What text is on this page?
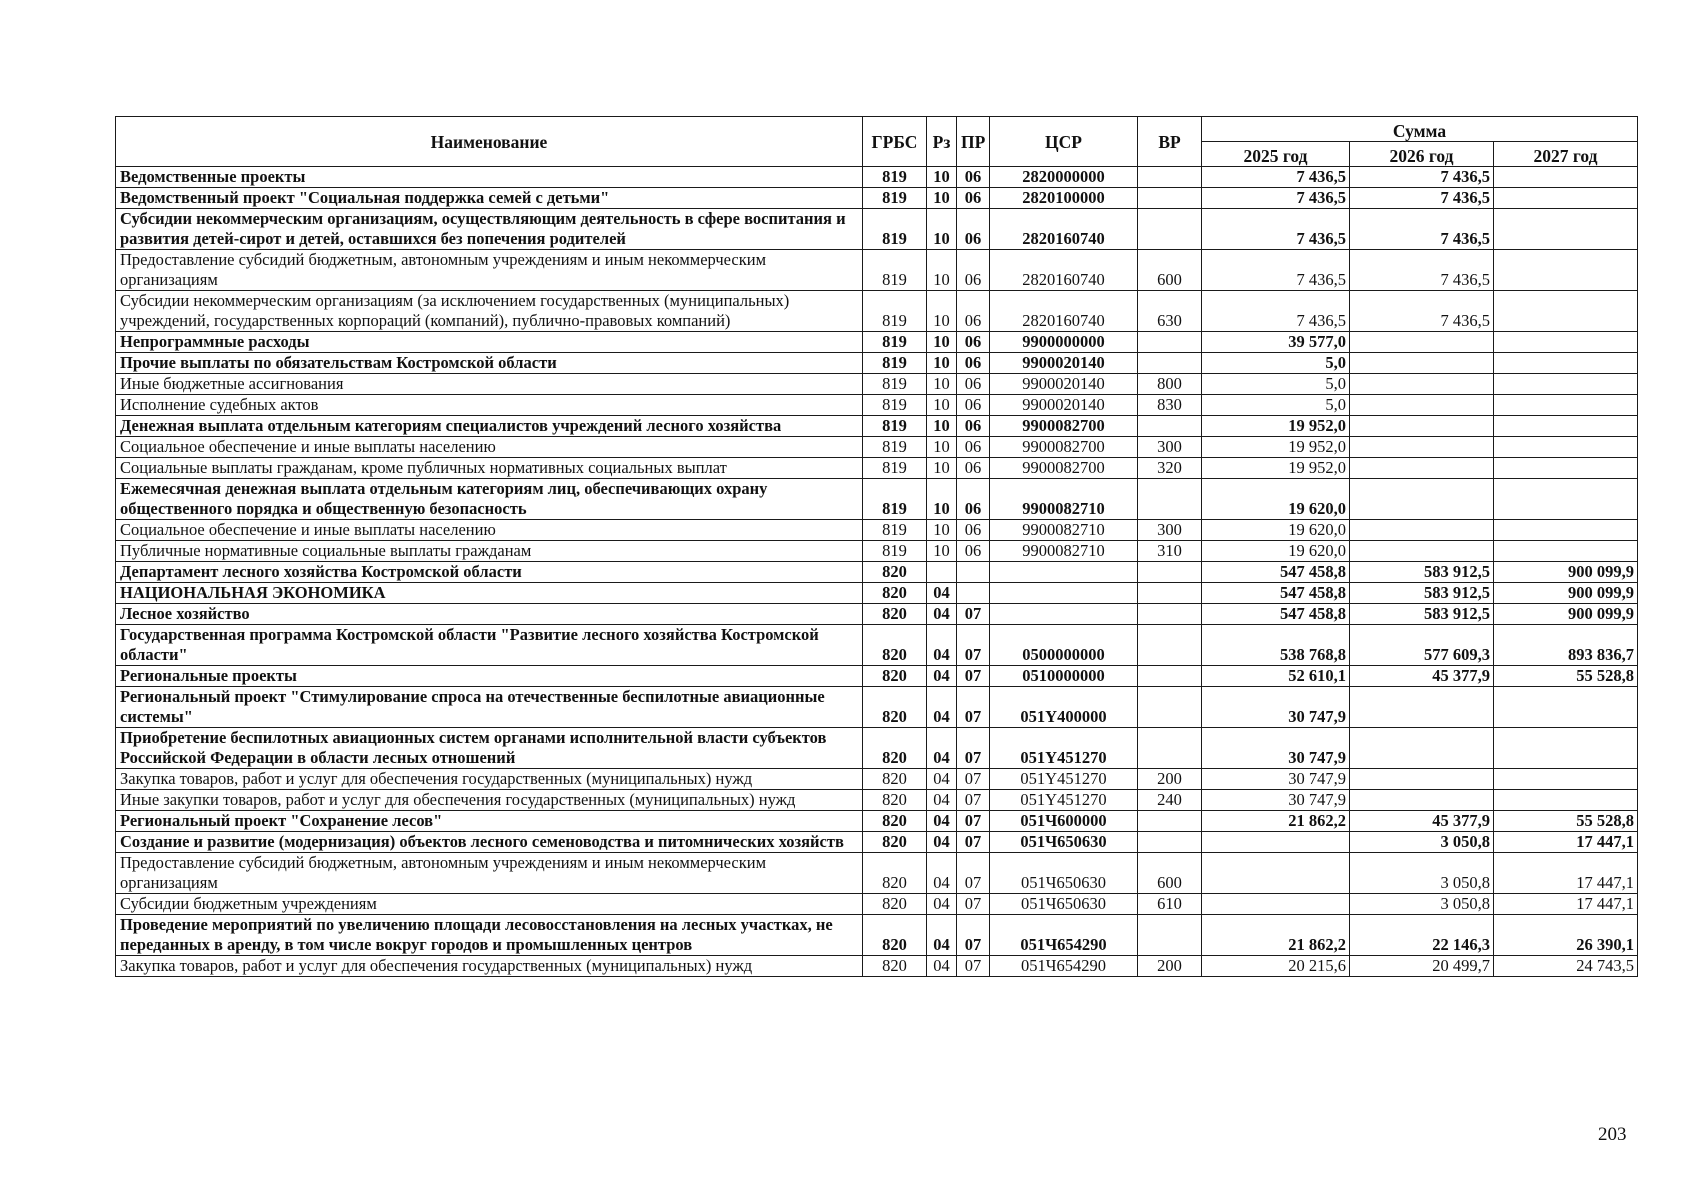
Наименование	ГРБС	Рз	ПР	ЦСР	ВР	Сумма		
						2025 год	2026 год	2027 год
Ведомственные проекты	819	10	06	2820000000		7 436,5	7 436,5	
Ведомственный проект "Социальная поддержка семей с детьми"	819	10	06	2820100000		7 436,5	7 436,5	
Субсидии некоммерческим организациям, осуществляющим деятельность в сфере воспитания и развития детей-сирот и детей, оставшихся без попечения родителей	819	10	06	2820160740		7 436,5	7 436,5	
Предоставление субсидий бюджетным, автономным учреждениям и иным некоммерческим организациям	819	10	06	2820160740	600	7 436,5	7 436,5	
Субсидии некоммерческим организациям (за исключением государственных (муниципальных) учреждений, государственных корпораций (компаний), публично-правовых компаний)	819	10	06	2820160740	630	7 436,5	7 436,5	
Непрограммные расходы	819	10	06	9900000000		39 577,0		
Прочие выплаты по обязательствам Костромской области	819	10	06	9900020140		5,0		
Иные бюджетные ассигнования	819	10	06	9900020140	800	5,0		
Исполнение судебных актов	819	10	06	9900020140	830	5,0		
Денежная выплата отдельным категориям специалистов учреждений лесного хозяйства	819	10	06	9900082700		19 952,0		
Социальное обеспечение и иные выплаты населению	819	10	06	9900082700	300	19 952,0		
Социальные выплаты гражданам, кроме публичных нормативных социальных выплат	819	10	06	9900082700	320	19 952,0		
Ежемесячная денежная выплата отдельным категориям лиц, обеспечивающих охрану общественного порядка и общественную безопасность	819	10	06	9900082710		19 620,0		
Социальное обеспечение и иные выплаты населению	819	10	06	9900082710	300	19 620,0		
Публичные нормативные социальные выплаты гражданам	819	10	06	9900082710	310	19 620,0		
Департамент лесного хозяйства Костромской области	820					547 458,8	583 912,5	900 099,9
НАЦИОНАЛЬНАЯ ЭКОНОМИКА	820	04				547 458,8	583 912,5	900 099,9
Лесное хозяйство	820	04	07			547 458,8	583 912,5	900 099,9
Государственная программа Костромской области "Развитие лесного хозяйства Костромской области"	820	04	07	0500000000		538 768,8	577 609,3	893 836,7
Региональные проекты	820	04	07	0510000000		52 610,1	45 377,9	55 528,8
Региональный проект "Стимулирование спроса на отечественные беспилотные авиационные системы"	820	04	07	051Y400000		30 747,9		
Приобретение беспилотных авиационных систем органами исполнительной власти субъектов Российской Федерации в области лесных отношений	820	04	07	051Y451270		30 747,9		
Закупка товаров, работ и услуг для обеспечения государственных (муниципальных) нужд	820	04	07	051Y451270	200	30 747,9		
Иные закупки товаров, работ и услуг для обеспечения государственных (муниципальных) нужд	820	04	07	051Y451270	240	30 747,9		
Региональный проект "Сохранение лесов"	820	04	07	051Ч600000		21 862,2	45 377,9	55 528,8
Создание и развитие (модернизация) объектов лесного семеноводства и питомнических хозяйств	820	04	07	051Ч650630			3 050,8	17 447,1
Предоставление субсидий бюджетным, автономным учреждениям и иным некоммерческим организациям	820	04	07	051Ч650630	600		3 050,8	17 447,1
Субсидии бюджетным учреждениям	820	04	07	051Ч650630	610		3 050,8	17 447,1
Проведение мероприятий по увеличению площади лесовосстановления на лесных участках, не переданных в аренду, в том числе вокруг городов и промышленных центров	820	04	07	051Ч654290		21 862,2	22 146,3	26 390,1
Закупка товаров, работ и услуг для обеспечения государственных (муниципальных) нужд	820	04	07	051Ч654290	200	20 215,6	20 499,7	24 743,5
203
